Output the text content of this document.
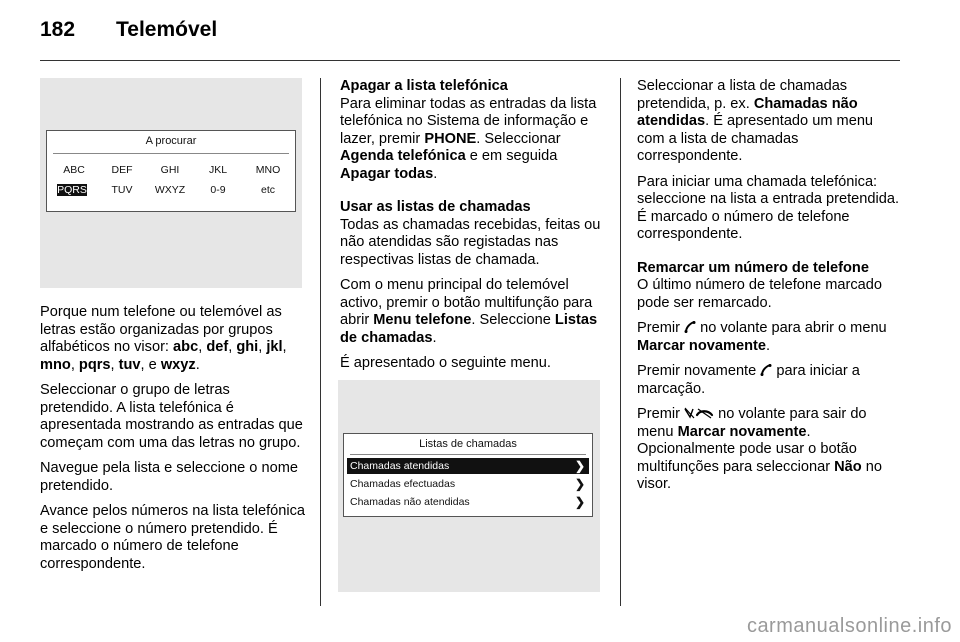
182 Telemóvel
A procurar
ABC	DEF	GHI	JKL	MNO
PQRS	TUV	WXYZ	0-9	etc

Porque num telefone ou telemóvel as letras estão organizadas por grupos alfabéticos no visor: abc, def, ghi, jkl, mno, pqrs, tuv, e wxyz.

Seleccionar o grupo de letras pretendido. A lista telefónica é apresentada mostrando as entradas que começam com uma das letras no grupo.

Navegue pela lista e seleccione o nome pretendido.

Avance pelos números na lista telefónica e seleccione o número pretendido. É marcado o número de telefone correspondente.

Apagar a lista telefónica

Para eliminar todas as entradas da lista telefónica no Sistema de informação e lazer, premir PHONE. Seleccionar Agenda telefónica e em seguida Apagar todas.

Usar as listas de chamadas

Todas as chamadas recebidas, feitas ou não atendidas são registadas nas respectivas listas de chamada.

Com o menu principal do telemóvel activo, premir o botão multifunção para abrir Menu telefone. Seleccione Listas de chamadas.

É apresentado o seguinte menu.

Listas de chamadas
Chamadas atendidas	❯
Chamadas efectuadas	❯
Chamadas não atendidas	❯

Seleccionar a lista de chamadas pretendida, p. ex. Chamadas não atendidas. É apresentado um menu com a lista de chamadas correspondente.

Para iniciar uma chamada telefónica: seleccione na lista a entrada pretendida. É marcado o número de telefone correspondente.

Remarcar um número de telefone

O último número de telefone marcado pode ser remarcado.

Premir  no volante para abrir o menu Marcar novamente.

Premir novamente  para iniciar a marcação.

Premir  no volante para sair do menu Marcar novamente.

Opcionalmente pode usar o botão multifunções para seleccionar Não no visor.

carmanualsonline.info
